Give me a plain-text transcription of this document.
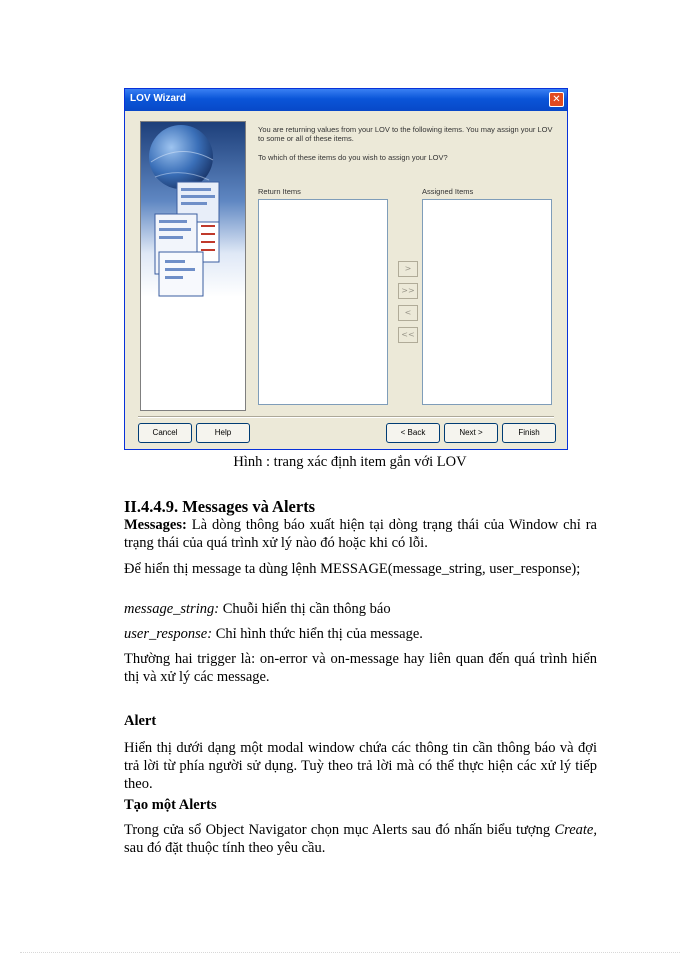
LOV Wizard	✕
You are returning values from your LOV to the following items. You may assign your LOV to some or all of these items.
To which of these items do you wish to assign your LOV?
Return Items	Assigned Items
>
>>
<
<<
Cancel	Help	< Back	Next >	Finish
Hình : trang xác định item gắn với LOV
II.4.4.9. Messages và Alerts
Messages: Là dòng thông báo xuất hiện tại dòng trạng thái của Window chỉ ra trạng thái của quá trình xử lý nào đó hoặc khi có lỗi.
Để hiển thị message ta dùng lệnh MESSAGE(message_string, user_response);
message_string: Chuỗi hiển thị cần thông báo
user_response: Chỉ hình thức hiển thị của message.
Thường hai trigger là: on-error và on-message hay liên quan đến quá trình hiển thị và xử lý các message.
Alert
Hiển thị dưới dạng một modal window chứa các thông tin cần thông báo và đợi trả lời từ phía người sử dụng. Tuỳ theo trả lời mà có thể thực hiện các xử lý tiếp theo.
Tạo một Alerts
Trong cửa sổ Object Navigator chọn mục Alerts sau đó nhấn biểu tượng Create, sau đó đặt thuộc tính theo yêu cầu.
